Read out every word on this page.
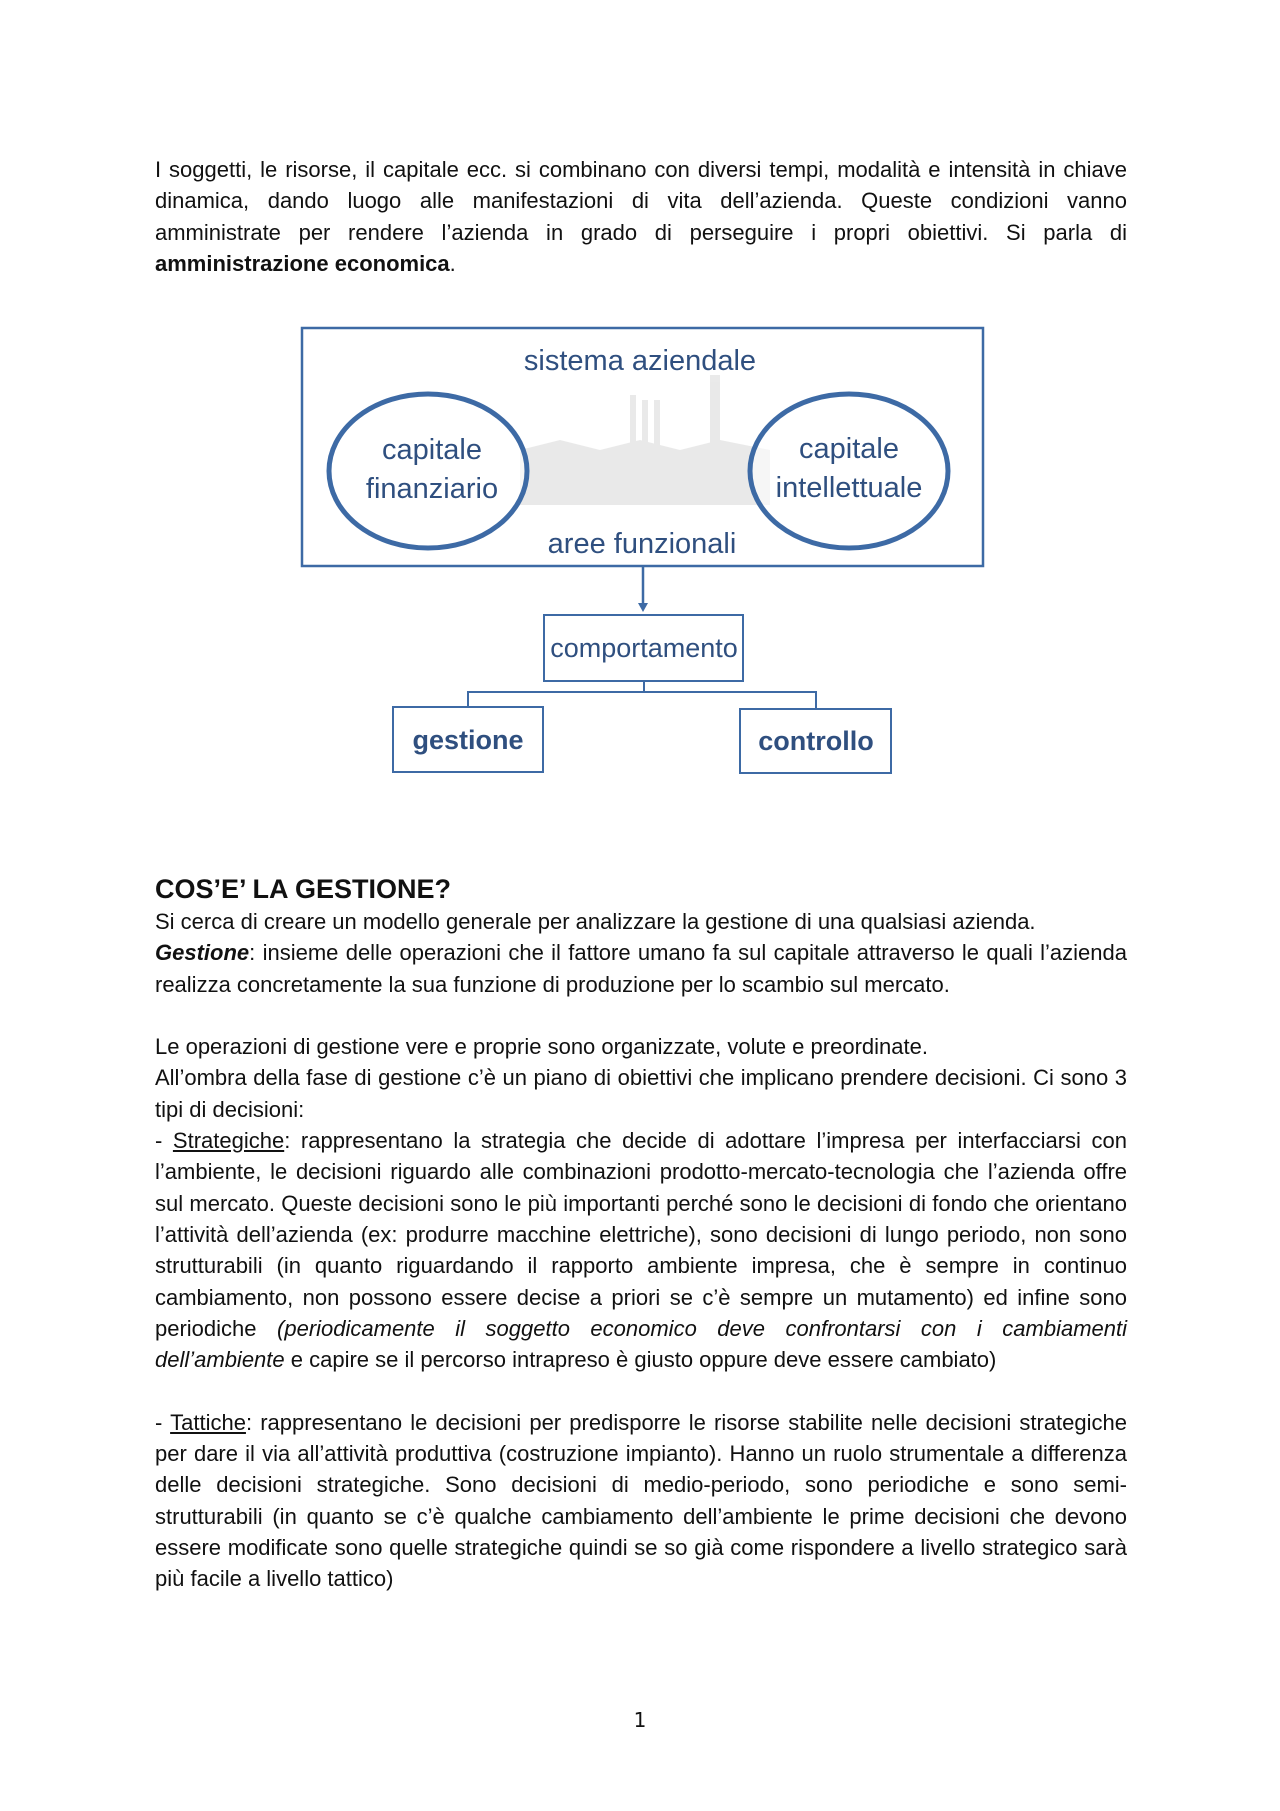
I soggetti, le risorse, il capitale ecc. si combinano con diversi tempi, modalità e intensità in chiave dinamica, dando luogo alle manifestazioni di vita dell’azienda. Queste condizioni vanno amministrate per rendere l’azienda in grado di perseguire i propri obiettivi. Si parla di amministrazione economica.

sistema aziendale
capitale
finanziario
capitale
intellettuale
aree funzionali
comportamento
gestione	controllo
COS’E’ LA GESTIONE?

Si cerca di creare un modello generale per analizzare la gestione di una qualsiasi azienda.

Gestione: insieme delle operazioni che il fattore umano fa sul capitale attraverso le quali l’azienda realizza concretamente la sua funzione di produzione per lo scambio sul mercato.

Le operazioni di gestione vere e proprie sono organizzate, volute e preordinate.

All’ombra della fase di gestione c’è un piano di obiettivi che implicano prendere decisioni. Ci sono 3 tipi di decisioni:

- Strategiche: rappresentano la strategia che decide di adottare l’impresa per interfacciarsi con l’ambiente, le decisioni riguardo alle combinazioni prodotto-mercato-tecnologia che l’azienda offre sul mercato. Queste decisioni sono le più importanti perché sono le decisioni di fondo che orientano l’attività dell’azienda (ex: produrre macchine elettriche), sono decisioni di lungo periodo, non sono strutturabili (in quanto riguardando il rapporto ambiente impresa, che è sempre in continuo cambiamento, non possono essere decise a priori se c’è sempre un mutamento) ed infine sono periodiche (periodicamente il soggetto economico deve confrontarsi con i cambiamenti dell’ambiente e capire se il percorso intrapreso è giusto oppure deve essere cambiato)

- Tattiche: rappresentano le decisioni per predisporre le risorse stabilite nelle decisioni strategiche per dare il via all’attività produttiva (costruzione impianto). Hanno un ruolo strumentale a differenza delle decisioni strategiche. Sono decisioni di medio-periodo, sono periodiche e sono semi-strutturabili (in quanto se c’è qualche cambiamento dell’ambiente le prime decisioni che devono essere modificate sono quelle strategiche quindi se so già come rispondere a livello strategico sarà più facile a livello tattico)

1
